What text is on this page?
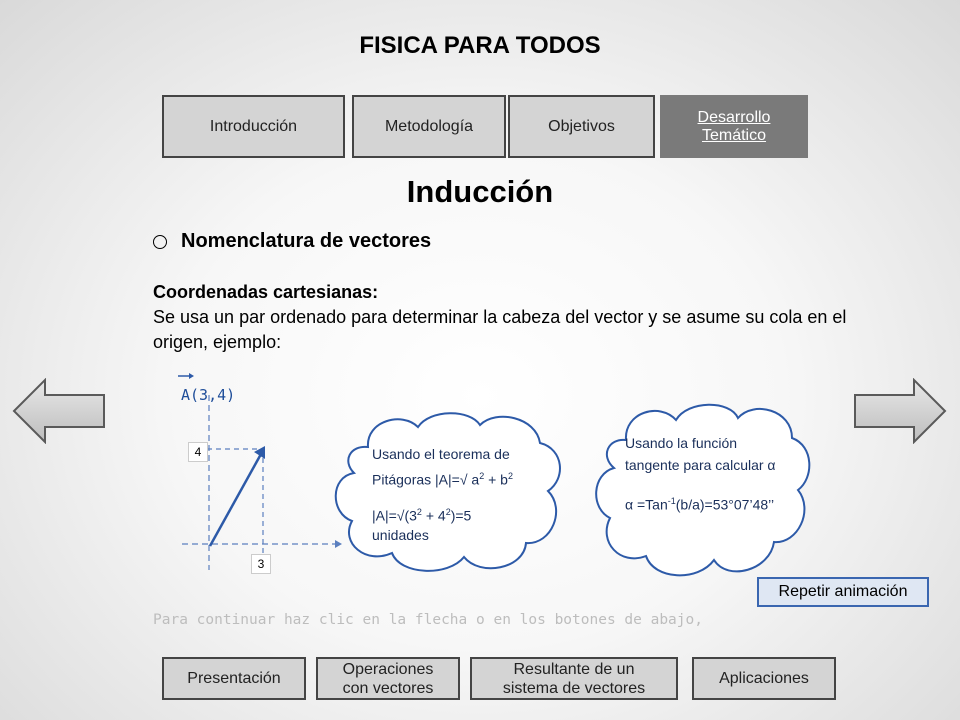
FISICA PARA TODOS
Introducción	Metodología	Objetivos
Desarrollo
Temático
Inducción
Nomenclatura de vectores
Coordenadas cartesianas:
Se usa un par ordenado para determinar la cabeza del vector y se asume su cola en el origen, ejemplo:
A(3,4)
4
3
Usando el teorema de
Pitágoras |A|=√ $a^2 + b^2$
$|A|=√(3^2 + 4^2)=5$
unidades
Usando la función
tangente para calcular α
α =Tan$^{-1}$(b/a)=53°07’48’’
Repetir animación
Para continuar haz clic en la flecha o en los botones de abajo,
Presentación
Operaciones
con vectores
Resultante de un
sistema de vectores
Aplicaciones
